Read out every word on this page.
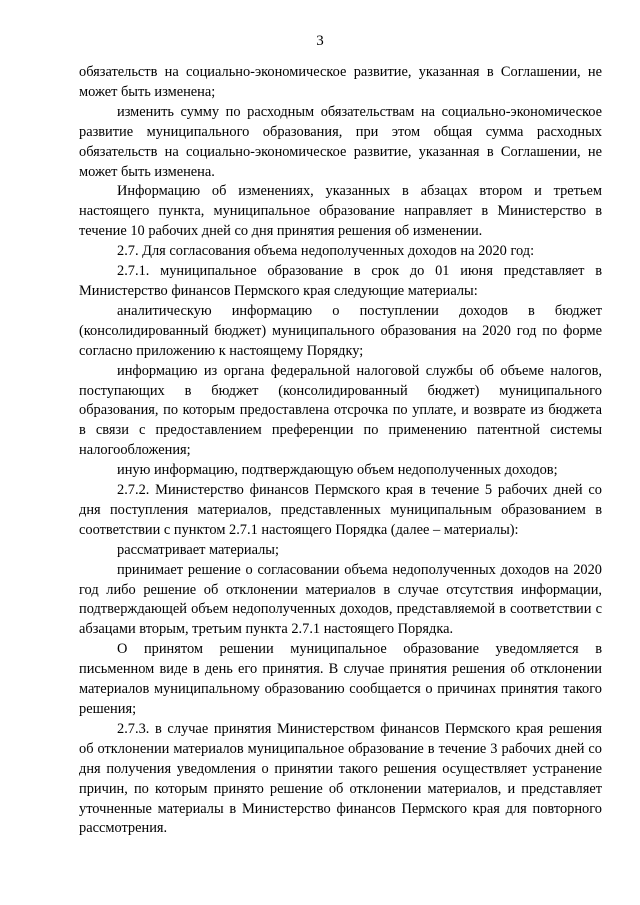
3

обязательств на социально-экономическое развитие, указанная в Соглашении, не может быть изменена;

изменить сумму по расходным обязательствам на социально-экономическое развитие муниципального образования, при этом общая сумма расходных обязательств на социально-экономическое развитие, указанная в Соглашении, не может быть изменена.

Информацию об изменениях, указанных в абзацах втором и третьем настоящего пункта, муниципальное образование направляет в Министерство в течение 10 рабочих дней со дня принятия решения об изменении.

2.7. Для согласования объема недополученных доходов на 2020 год:

2.7.1. муниципальное образование в срок до 01 июня представляет в Министерство финансов Пермского края следующие материалы:

аналитическую информацию о поступлении доходов в бюджет (консолидированный бюджет) муниципального образования на 2020 год по форме согласно приложению к настоящему Порядку;

информацию из органа федеральной налоговой службы об объеме налогов, поступающих в бюджет (консолидированный бюджет) муниципального образования, по которым предоставлена отсрочка по уплате, и возврате из бюджета в связи с предоставлением преференции по применению патентной системы налогообложения;

иную информацию, подтверждающую объем недополученных доходов;

2.7.2. Министерство финансов Пермского края в течение 5 рабочих дней со дня поступления материалов, представленных муниципальным образованием в соответствии с пунктом 2.7.1 настоящего Порядка (далее – материалы):

рассматривает материалы;

принимает решение о согласовании объема недополученных доходов на 2020 год либо решение об отклонении материалов в случае отсутствия информации, подтверждающей объем недополученных доходов, представляемой в соответствии с абзацами вторым, третьим пункта 2.7.1 настоящего Порядка.

О принятом решении муниципальное образование уведомляется в письменном виде в день его принятия. В случае принятия решения об отклонении материалов муниципальному образованию сообщается о причинах принятия такого решения;

2.7.3. в случае принятия Министерством финансов Пермского края решения об отклонении материалов муниципальное образование в течение 3 рабочих дней со дня получения уведомления о принятии такого решения осуществляет устранение причин, по которым принято решение об отклонении материалов, и представляет уточненные материалы в Министерство финансов Пермского края для повторного рассмотрения.
